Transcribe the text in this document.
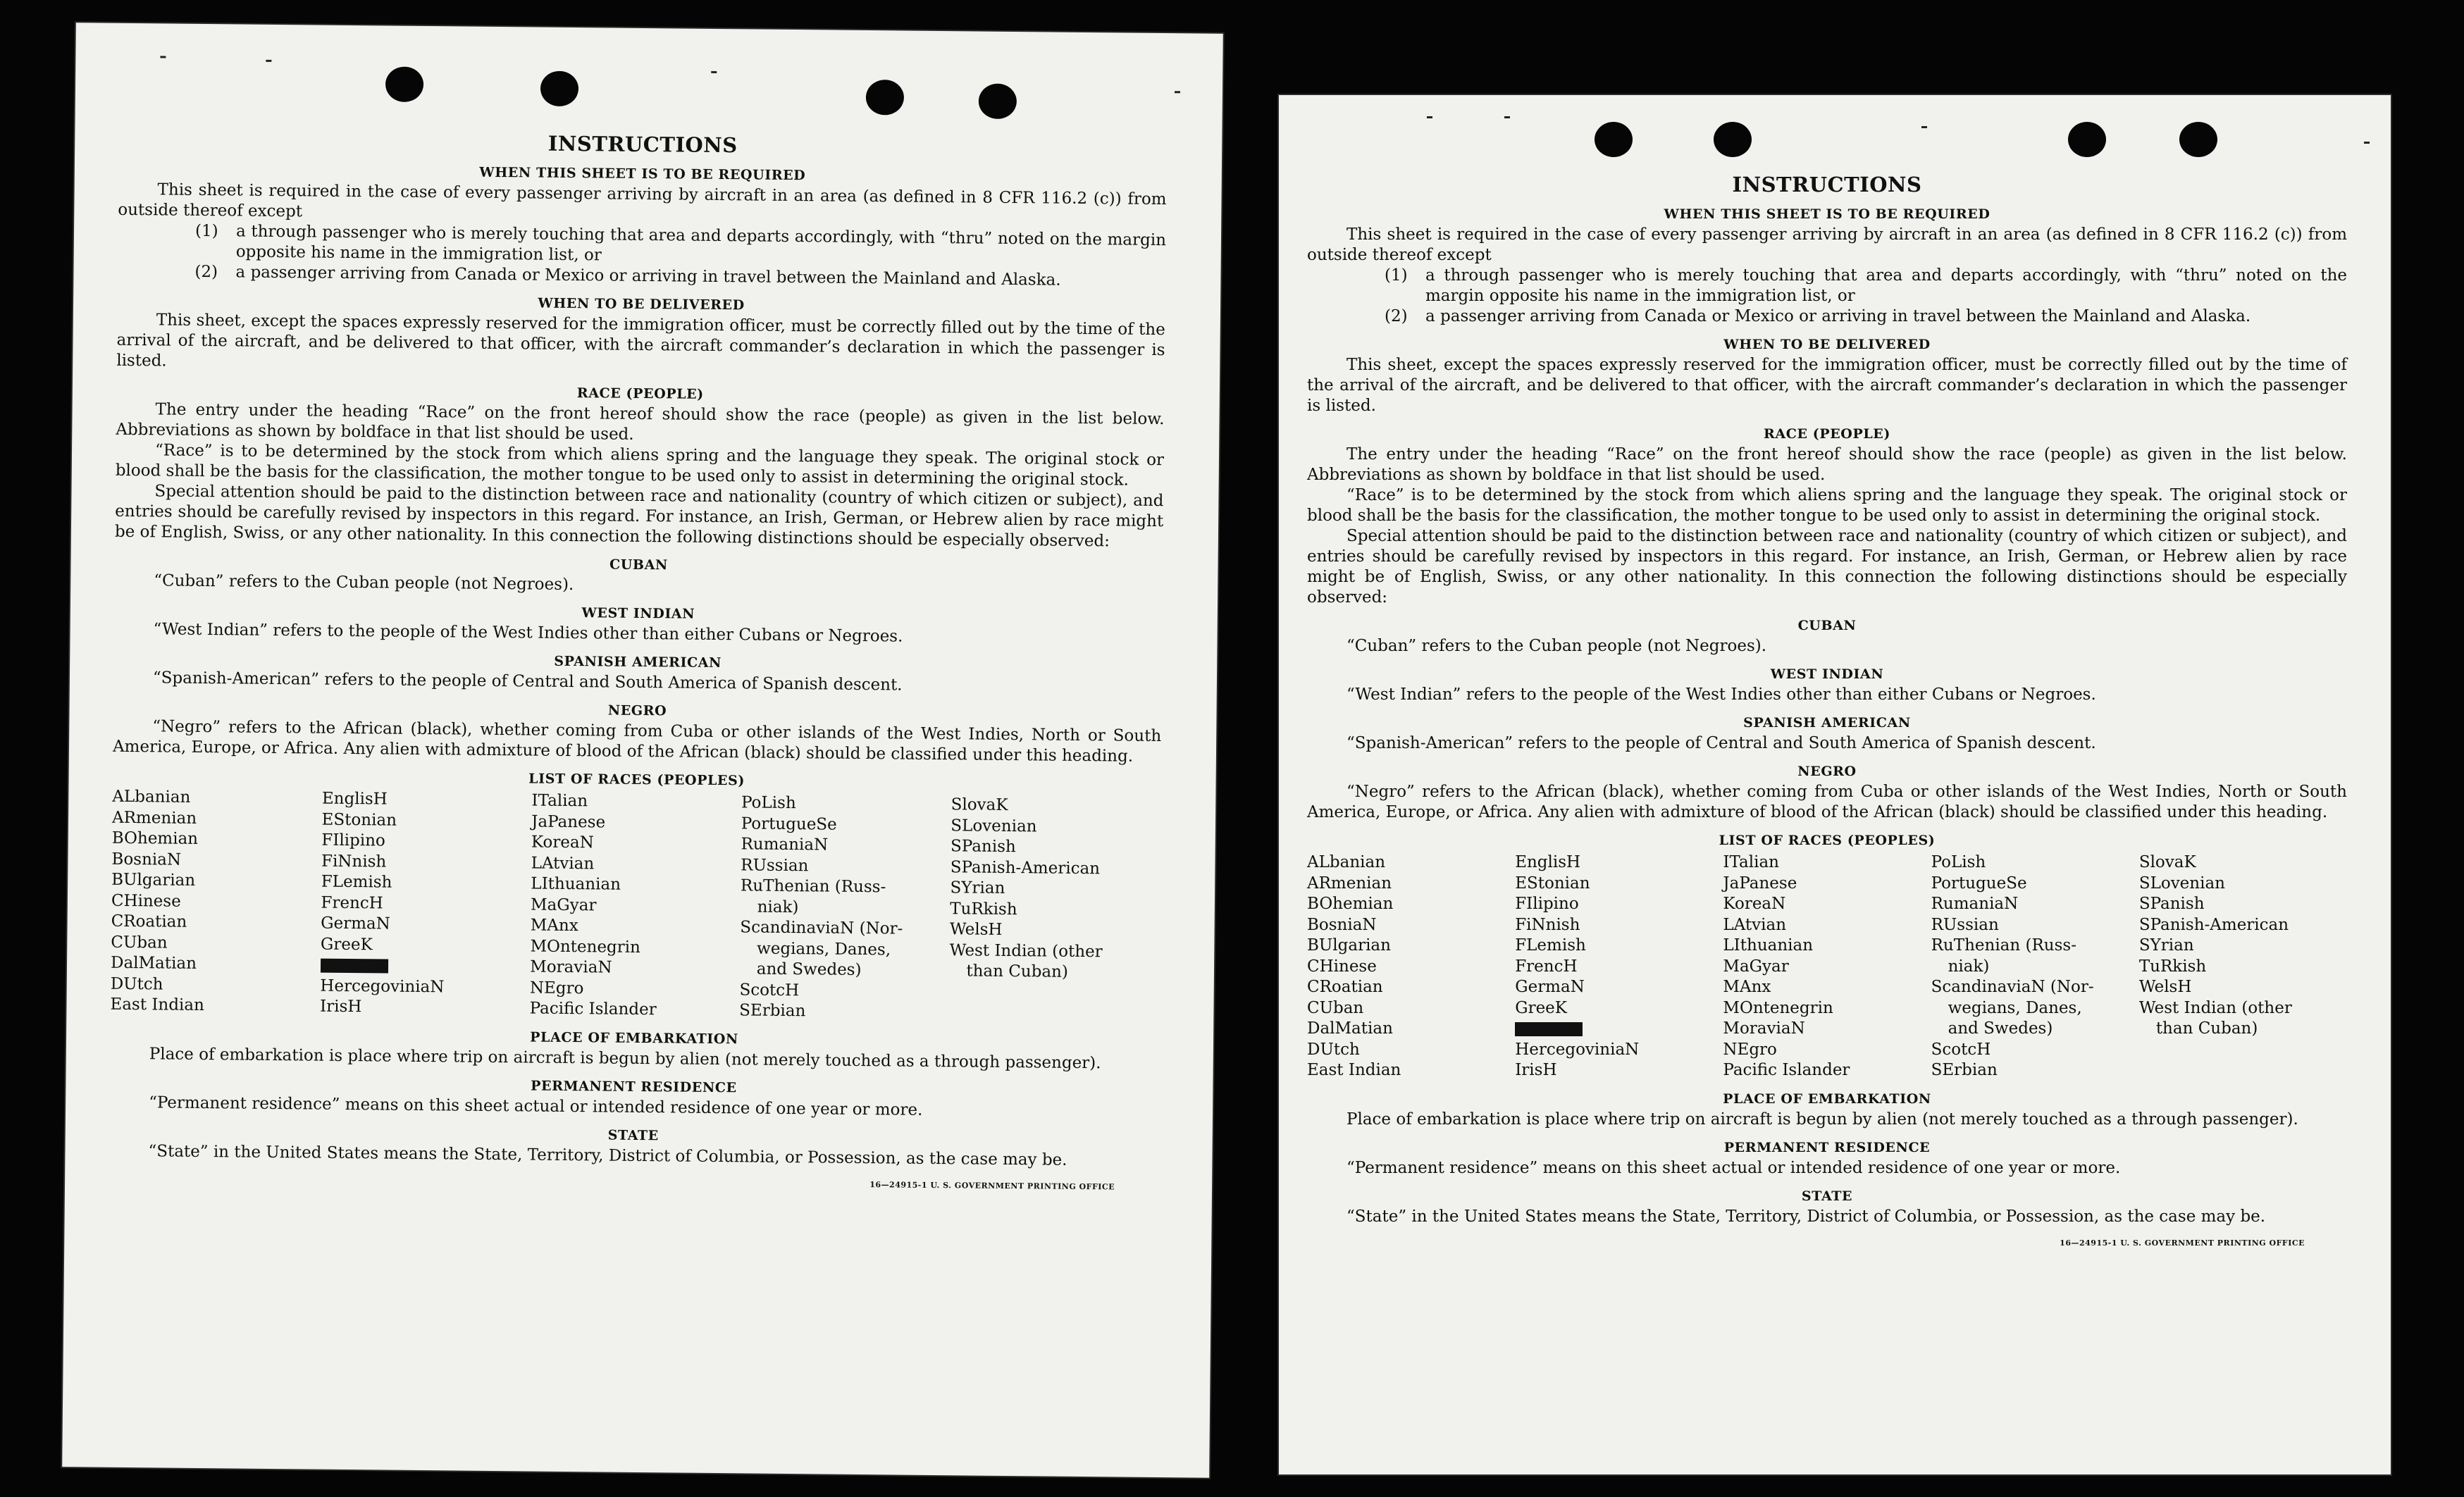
INSTRUCTIONS
WHEN THIS SHEET IS TO BE REQUIRED

This sheet is required in the case of every passenger arriving by aircraft in an area (as defined in 8 CFR 116.2 (c)) from outside thereof except

(1)	a through passenger who is merely touching that area and departs accordingly, with “thru” noted on the margin opposite his name in the immigration list, or
(2)	a passenger arriving from Canada or Mexico or arriving in travel between the Mainland and Alaska.
WHEN TO BE DELIVERED

This sheet, except the spaces expressly reserved for the immigration officer, must be correctly filled out by the time of the arrival of the aircraft, and be delivered to that officer, with the aircraft commander’s declaration in which the passenger is listed.

RACE (PEOPLE)

The entry under the heading “Race” on the front hereof should show the race (people) as given in the list below. Abbreviations as shown by boldface in that list should be used.

“Race” is to be determined by the stock from which aliens spring and the language they speak. The original stock or blood shall be the basis for the classification, the mother tongue to be used only to assist in determining the original stock.

Special attention should be paid to the distinction between race and nationality (country of which citizen or subject), and entries should be carefully revised by inspectors in this regard. For instance, an Irish, German, or Hebrew alien by race might be of English, Swiss, or any other nationality. In this connection the following distinctions should be especially observed:

CUBAN

“Cuban” refers to the Cuban people (not Negroes).

WEST INDIAN

“West Indian” refers to the people of the West Indies other than either Cubans or Negroes.

SPANISH AMERICAN

“Spanish-American” refers to the people of Central and South America of Spanish descent.

NEGRO

“Negro” refers to the African (black), whether coming from Cuba or other islands of the West Indies, North or South America, Europe, or Africa. Any alien with admixture of blood of the African (black) should be classified under this heading.

LIST OF RACES (PEOPLES)
ALbanian
ARmenian
BOhemian
BosniaN
BUlgarian
CHinese
CRoatian
CUban
DalMatian
DUtch
East Indian
EnglisH
EStonian
FIlipino
FiNnish
FLemish
FrencH
GermaN
GreeK
HercegoviniaN
IrisH
ITalian
JaPanese
KoreaN
LAtvian
LIthuanian
MaGyar
MAnx
MOntenegrin
MoraviaN
NEgro
Pacific Islander
PoLish
PortugueSe
RumaniaN
RUssian
RuThenian (Russ-
niak)
ScandinaviaN (Nor-
wegians, Danes,
and Swedes)
ScotcH
SErbian
SlovaK
SLovenian
SPanish
SPanish-American
SYrian
TuRkish
WelsH
West Indian (other
than Cuban)
PLACE OF EMBARKATION

Place of embarkation is place where trip on aircraft is begun by alien (not merely touched as a through passenger).

PERMANENT RESIDENCE

“Permanent residence” means on this sheet actual or intended residence of one year or more.

STATE

“State” in the United States means the State, Territory, District of Columbia, or Possession, as the case may be.

16—24915-1 U. S. GOVERNMENT PRINTING OFFICE
INSTRUCTIONS
WHEN THIS SHEET IS TO BE REQUIRED

This sheet is required in the case of every passenger arriving by aircraft in an area (as defined in 8 CFR 116.2 (c)) from outside thereof except

(1)	a through passenger who is merely touching that area and departs accordingly, with “thru” noted on the margin opposite his name in the immigration list, or
(2)	a passenger arriving from Canada or Mexico or arriving in travel between the Mainland and Alaska.
WHEN TO BE DELIVERED

This sheet, except the spaces expressly reserved for the immigration officer, must be correctly filled out by the time of the arrival of the aircraft, and be delivered to that officer, with the aircraft commander’s declaration in which the passenger is listed.

RACE (PEOPLE)

The entry under the heading “Race” on the front hereof should show the race (people) as given in the list below. Abbreviations as shown by boldface in that list should be used.

“Race” is to be determined by the stock from which aliens spring and the language they speak. The original stock or blood shall be the basis for the classification, the mother tongue to be used only to assist in determining the original stock.

Special attention should be paid to the distinction between race and nationality (country of which citizen or subject), and entries should be carefully revised by inspectors in this regard. For instance, an Irish, German, or Hebrew alien by race might be of English, Swiss, or any other nationality. In this connection the following distinctions should be especially observed:

CUBAN

“Cuban” refers to the Cuban people (not Negroes).

WEST INDIAN

“West Indian” refers to the people of the West Indies other than either Cubans or Negroes.

SPANISH AMERICAN

“Spanish-American” refers to the people of Central and South America of Spanish descent.

NEGRO

“Negro” refers to the African (black), whether coming from Cuba or other islands of the West Indies, North or South America, Europe, or Africa. Any alien with admixture of blood of the African (black) should be classified under this heading.

LIST OF RACES (PEOPLES)
ALbanian
ARmenian
BOhemian
BosniaN
BUlgarian
CHinese
CRoatian
CUban
DalMatian
DUtch
East Indian
EnglisH
EStonian
FIlipino
FiNnish
FLemish
FrencH
GermaN
GreeK
HercegoviniaN
IrisH
ITalian
JaPanese
KoreaN
LAtvian
LIthuanian
MaGyar
MAnx
MOntenegrin
MoraviaN
NEgro
Pacific Islander
PoLish
PortugueSe
RumaniaN
RUssian
RuThenian (Russ-
niak)
ScandinaviaN (Nor-
wegians, Danes,
and Swedes)
ScotcH
SErbian
SlovaK
SLovenian
SPanish
SPanish-American
SYrian
TuRkish
WelsH
West Indian (other
than Cuban)
PLACE OF EMBARKATION

Place of embarkation is place where trip on aircraft is begun by alien (not merely touched as a through passenger).

PERMANENT RESIDENCE

“Permanent residence” means on this sheet actual or intended residence of one year or more.

STATE

“State” in the United States means the State, Territory, District of Columbia, or Possession, as the case may be.

16—24915-1 U. S. GOVERNMENT PRINTING OFFICE
